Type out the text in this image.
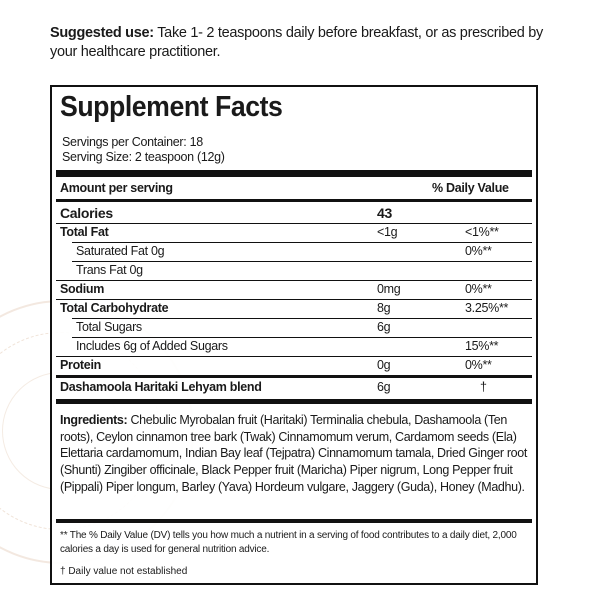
Suggested use: Take 1- 2 teaspoons daily before breakfast, or as prescribed by your healthcare practitioner.

Supplement Facts
Servings per Container: 18
Serving Size: 2 teaspoon (12g)
Amount per serving	% Daily Value
Calories	43
Total Fat	<1g	<1%**
Saturated Fat 0g	0%**
Trans Fat 0g
Sodium	0mg	0%**
Total Carbohydrate	8g	3.25%**
Total Sugars	6g
Includes 6g of Added Sugars	15%**
Protein	0g	0%**
Dashamoola Haritaki Lehyam blend	6g	†
Ingredients: Chebulic Myrobalan fruit (Haritaki) Terminalia chebula, Dashamoola (Ten roots), Ceylon cinnamon tree bark (Twak) Cinnamomum verum, Cardamom seeds (Ela) Elettaria cardamomum, Indian Bay leaf (Tejpatra) Cinnamomum tamala, Dried Ginger root (Shunti) Zingiber officinale, Black Pepper fruit (Maricha) Piper nigrum, Long Pepper fruit (Pippali) Piper longum, Barley (Yava) Hordeum vulgare, Jaggery (Guda), Honey (Madhu).
** The % Daily Value (DV) tells you how much a nutrient in a serving of food contributes to a daily diet, 2,000 calories a day is used for general nutrition advice.
† Daily value not established
